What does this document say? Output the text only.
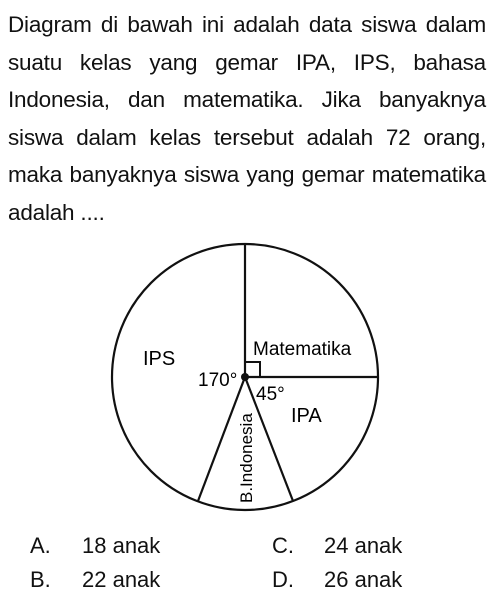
Diagram di bawah ini adalah data siswa dalam suatu kelas yang gemar IPA, IPS, bahasa Indonesia, dan matematika. Jika banyaknya siswa dalam kelas tersebut adalah 72 orang, maka banyaknya siswa yang gemar matematika adalah ....
IPS	Matematika
170°
45°
IPA
B.Indonesia
A. 18 anak
B. 22 anak
C. 24 anak
D. 26 anak
